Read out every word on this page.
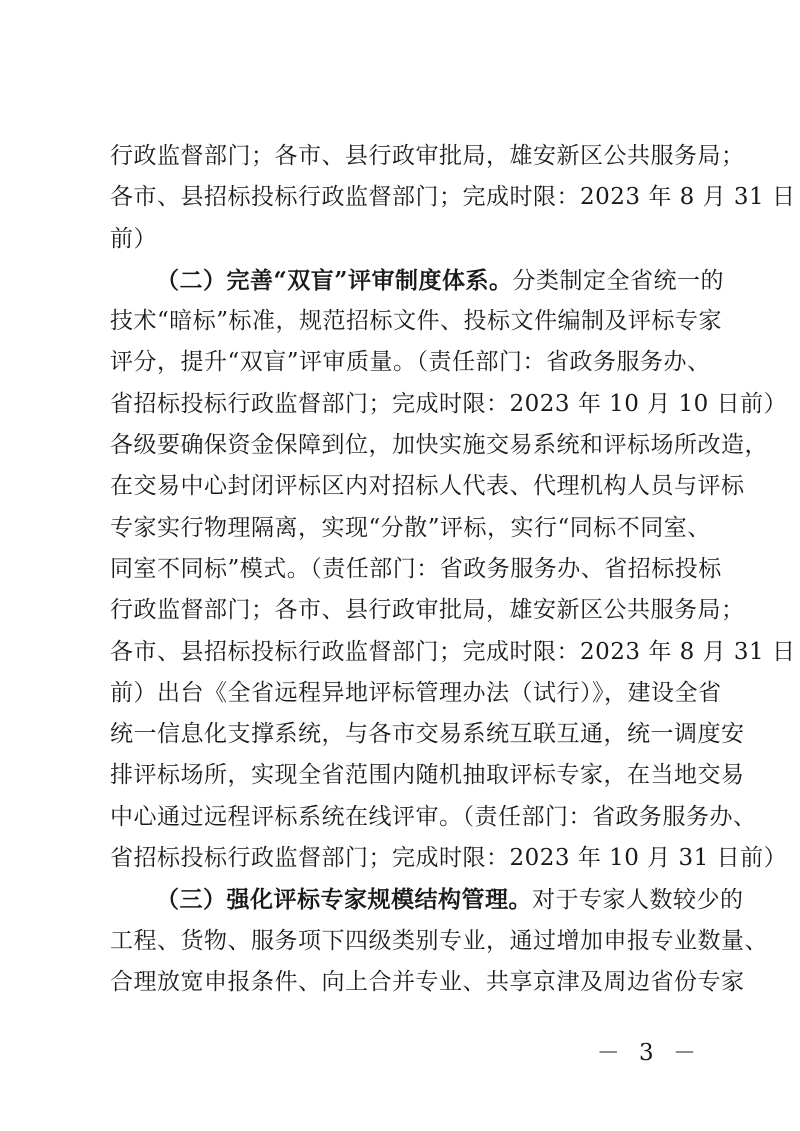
行政监督部门；各市、县行政审批局，雄安新区公共服务局；
各市、县招标投标行政监督部门；完成时限：2023 年 8 月 31 日
前）
（二）完善“双盲”评审制度体系。分类制定全省统一的
技术“暗标”标准，规范招标文件、投标文件编制及评标专家
评分，提升“双盲”评审质量。（责任部门：省政务服务办、
省招标投标行政监督部门；完成时限：2023 年 10 月 10 日前）
各级要确保资金保障到位，加快实施交易系统和评标场所改造，
在交易中心封闭评标区内对招标人代表、代理机构人员与评标
专家实行物理隔离，实现“分散”评标，实行“同标不同室、
同室不同标”模式。（责任部门：省政务服务办、省招标投标
行政监督部门；各市、县行政审批局，雄安新区公共服务局；
各市、县招标投标行政监督部门；完成时限：2023 年 8 月 31 日
前）出台《全省远程异地评标管理办法（试行）》，建设全省
统一信息化支撑系统，与各市交易系统互联互通，统一调度安
排评标场所，实现全省范围内随机抽取评标专家，在当地交易
中心通过远程评标系统在线评审。（责任部门：省政务服务办、
省招标投标行政监督部门；完成时限：2023 年 10 月 31 日前）
（三）强化评标专家规模结构管理。对于专家人数较少的
工程、货物、服务项下四级类别专业，通过增加申报专业数量、
合理放宽申报条件、向上合并专业、共享京津及周边省份专家
－ 3 －
